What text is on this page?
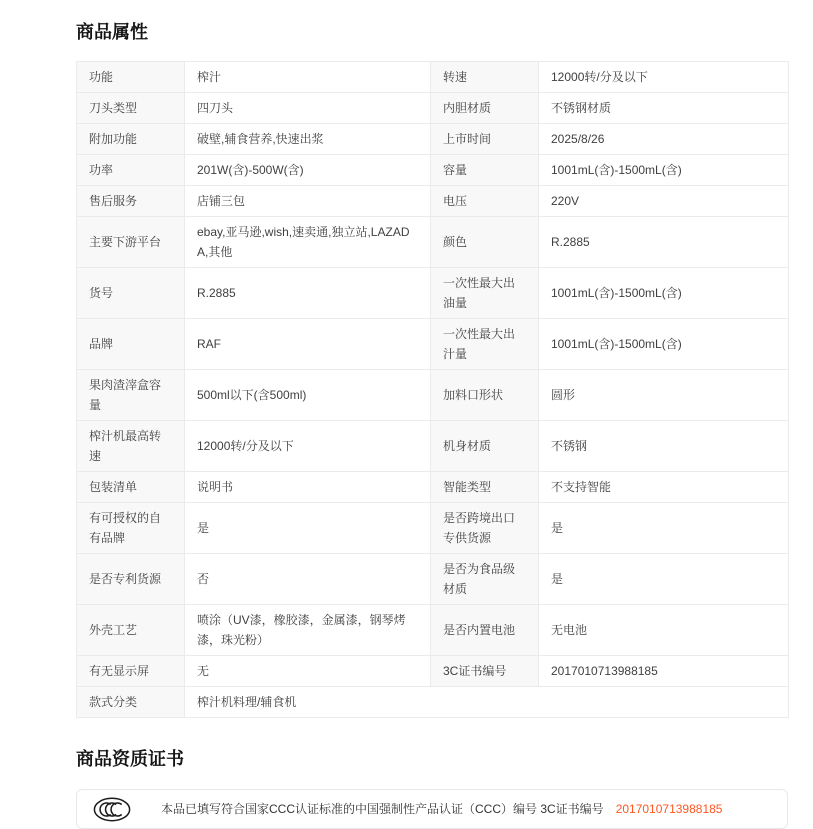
商品属性
功能	榨汁	转速	12000转/分及以下
刀头类型	四刀头	内胆材质	不锈钢材质
附加功能	破壁,辅食营养,快速出浆	上市时间	2025/8/26
功率	201W(含)-500W(含)	容量	1001mL(含)-1500mL(含)
售后服务	店铺三包	电压	220V
主要下游平台	ebay,亚马逊,wish,速卖通,独立站,LAZADA,其他	颜色	R.2885
货号	R.2885	一次性最大出油量	1001mL(含)-1500mL(含)
品牌	RAF	一次性最大出汁量	1001mL(含)-1500mL(含)
果肉渣滓盒容量	500ml以下(含500ml)	加料口形状	圆形
榨汁机最高转速	12000转/分及以下	机身材质	不锈钢
包装清单	说明书	智能类型	不支持智能
有可授权的自有品牌	是	是否跨境出口专供货源	是
是否专利货源	否	是否为食品级材质	是
外壳工艺	喷涂（UV漆，橡胶漆，金属漆，钢琴烤漆，珠光粉）	是否内置电池	无电池
有无显示屏	无	3C证书编号	2017010713988185
款式分类	榨汁机料理/辅食机		
商品资质证书
本品已填写符合国家CCC认证标准的中国强制性产品认证（CCC）编号 3C证书编号 2017010713988185
